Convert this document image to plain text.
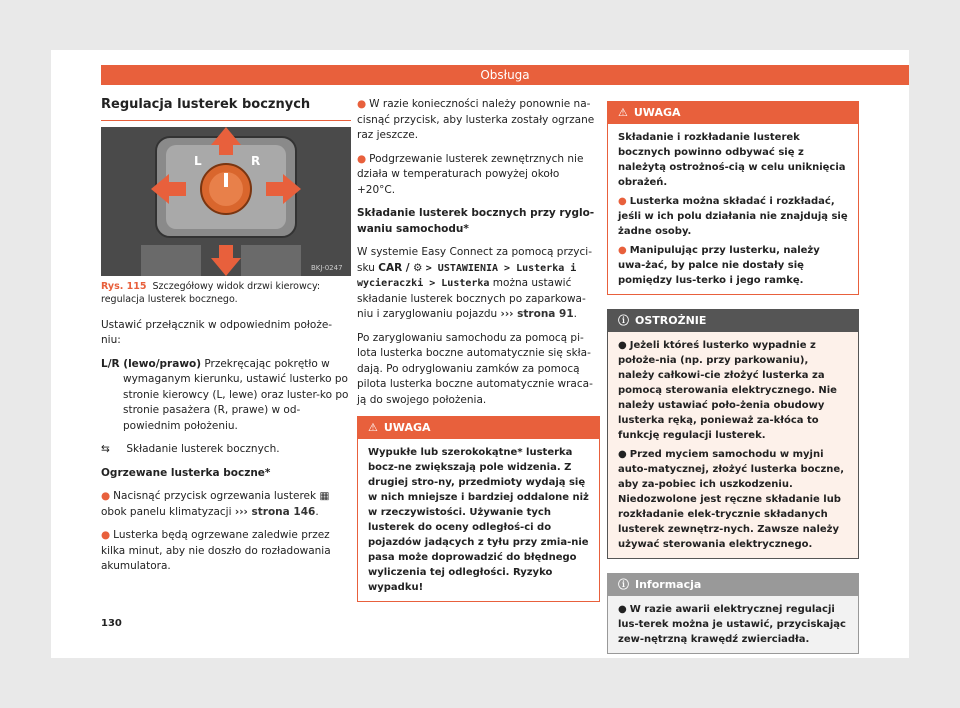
Obsługa
Regulacja lusterek bocznych
L	R
BKJ-0247
Rys. 115 Szczegółowy widok drzwi kierowcy: regulacja lusterek bocznego.

Ustawić przełącznik w odpowiednim położe-niu:

L/R (lewo/prawo) Przekręcając pokrętło w wymaganym kierunku, ustawić lusterko po stronie kierowcy (L, lewe) oraz luster-ko po stronie pasażera (R, prawe) w od-powiednim położeniu.

⇆ Składanie lusterek bocznych.

Ogrzewane lusterka boczne*

● Nacisnąć przycisk ogrzewania lusterek ▦ obok panelu klimatyzacji ››› strona 146.

● Lusterka będą ogrzewane zaledwie przez kilka minut, aby nie doszło do rozładowania akumulatora.

● W razie konieczności należy ponownie na-cisnąć przycisk, aby lusterka zostały ogrzane raz jeszcze.

● Podgrzewanie lusterek zewnętrznych nie działa w temperaturach powyżej około +20°C.

Składanie lusterek bocznych przy ryglo-waniu samochodu*

W systemie Easy Connect za pomocą przyci-sku CAR / ⚙ > USTAWIENIA > Lusterka i wycieraczki > Lusterka można ustawić składanie lusterek bocznych po zaparkowa-niu i zaryglowaniu pojazdu ››› strona 91.

Po zaryglowaniu samochodu za pomocą pi-lota lusterka boczne automatycznie się skła-dają. Po odryglowaniu zamków za pomocą pilota lusterka boczne automatycznie wraca-ją do swojego położenia.

⚠ UWAGA
Wypukłe lub szerokokątne* lusterka bocz-ne zwiększają pole widzenia. Z drugiej stro-ny, przedmioty wydają się w nich mniejsze i bardziej oddalone niż w rzeczywistości. Używanie tych lusterek do oceny odległoś-ci do pojazdów jadących z tyłu przy zmia-nie pasa może doprowadzić do błędnego wyliczenia tej odległości. Ryzyko wypadku!
⚠ UWAGA
Składanie i rozkładanie lusterek bocznych powinno odbywać się z należytą ostrożnoś-cią w celu uniknięcia obrażeń.
● Lusterka można składać i rozkładać, jeśli w ich polu działania nie znajdują się żadne osoby.
● Manipulując przy lusterku, należy uwa-żać, by palce nie dostały się pomiędzy lus-terko i jego ramkę.
ⓘ OSTROŻNIE
● Jeżeli któreś lusterko wypadnie z położe-nia (np. przy parkowaniu), należy całkowi-cie złożyć lusterka za pomocą sterowania elektrycznego. Nie należy ustawiać poło-żenia obudowy lusterka ręką, ponieważ za-kłóca to funkcję regulacji lusterek.
● Przed myciem samochodu w myjni auto-matycznej, złożyć lusterka boczne, aby za-pobiec ich uszkodzeniu. Niedozwolone jest ręczne składanie lub rozkładanie elek-trycznie składanych lusterek zewnętrz-nych. Zawsze należy używać sterowania elektrycznego.
ⓘ Informacja
● W razie awarii elektrycznej regulacji lus-terek można je ustawić, przyciskając zew-nętrzną krawędź zwierciadła.
130
